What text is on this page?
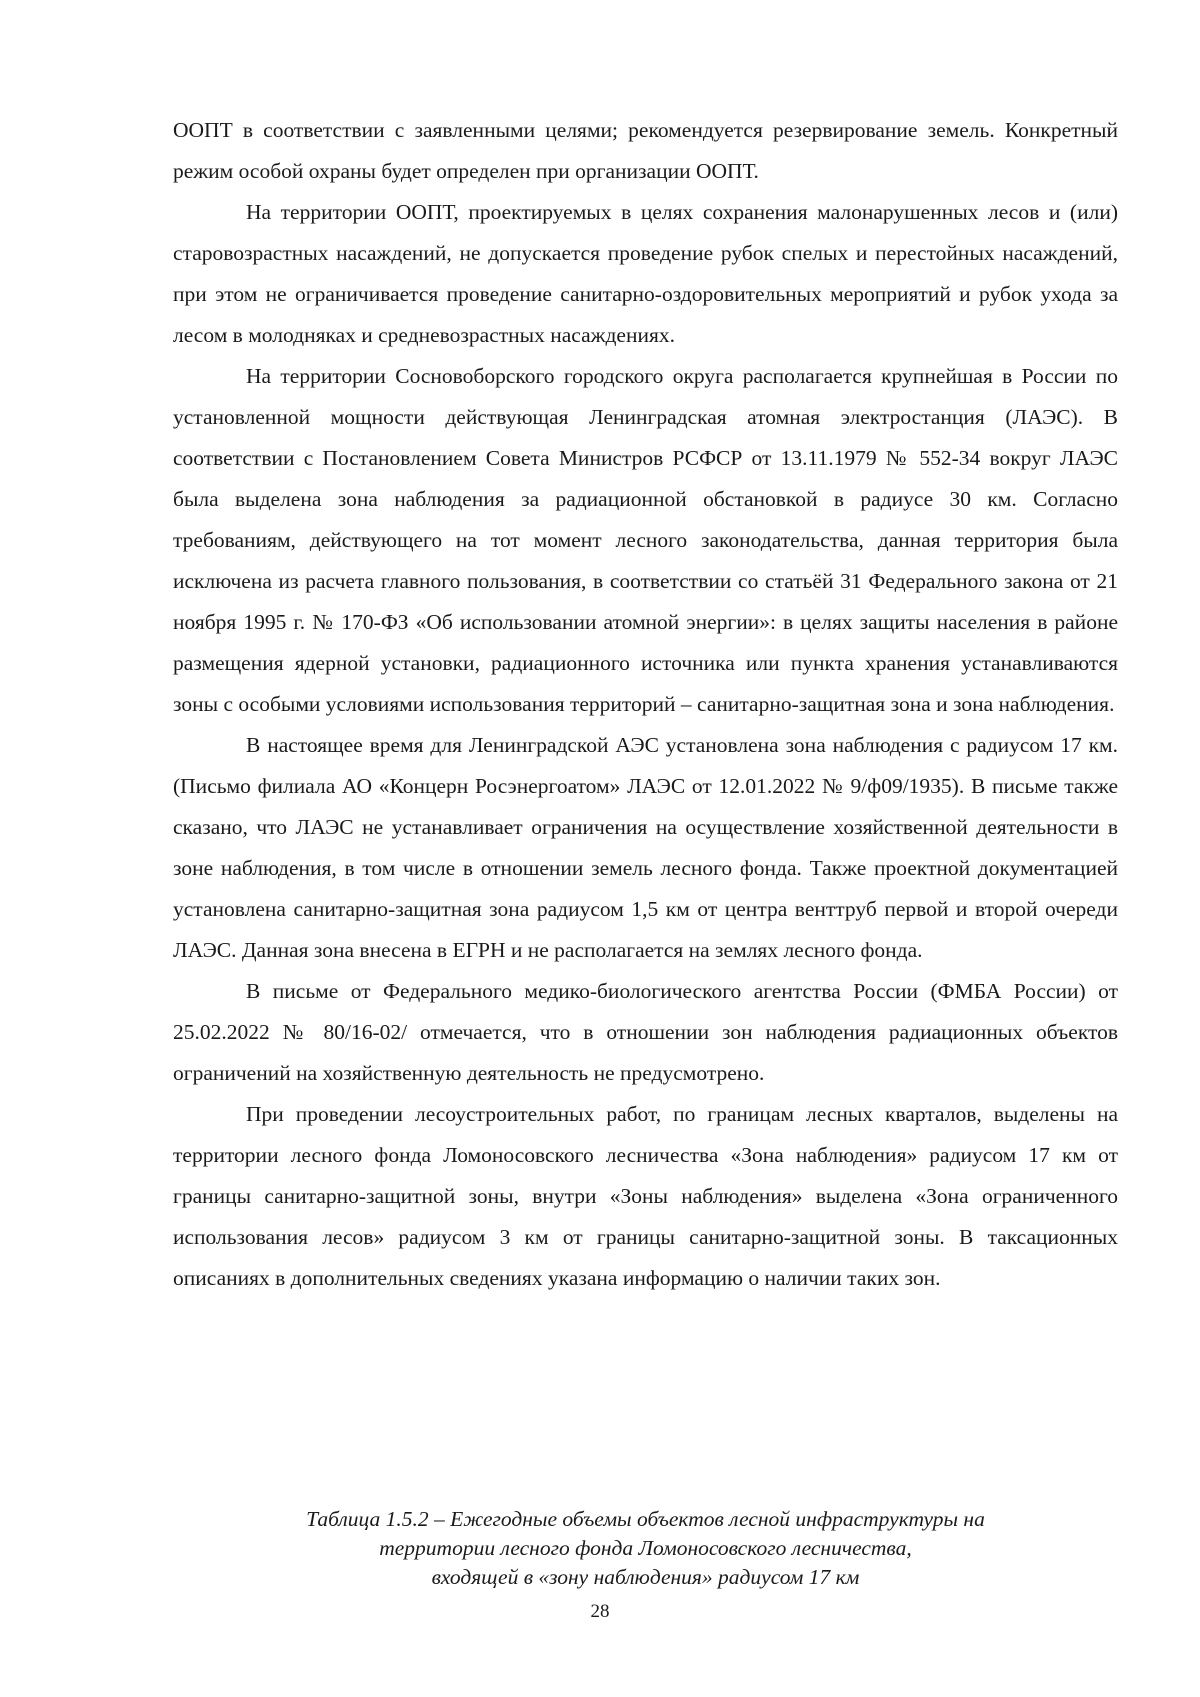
ООПТ в соответствии с заявленными целями; рекомендуется резервирование земель. Конкретный режим особой охраны будет определен при организации ООПТ.

На территории ООПТ, проектируемых в целях сохранения малонарушенных лесов и (или) старовозрастных насаждений, не допускается проведение рубок спелых и перестойных насаждений, при этом не ограничивается проведение санитарно-оздоровительных мероприятий и рубок ухода за лесом в молодняках и средневозрастных насаждениях.

На территории Сосновоборского городского округа располагается крупнейшая в России по установленной мощности действующая Ленинградская атомная электростанция (ЛАЭС). В соответствии с Постановлением Совета Министров РСФСР от 13.11.1979 № 552-34 вокруг ЛАЭС была выделена зона наблюдения за радиационной обстановкой в радиусе 30 км. Согласно требованиям, действующего на тот момент лесного законодательства, данная территория была исключена из расчета главного пользования, в соответствии со статьёй 31 Федерального закона от 21 ноября 1995 г. № 170-ФЗ «Об использовании атомной энергии»: в целях защиты населения в районе размещения ядерной установки, радиационного источника или пункта хранения устанавливаются зоны с особыми условиями использования территорий – санитарно-защитная зона и зона наблюдения.

В настоящее время для Ленинградской АЭС установлена зона наблюдения с радиусом 17 км. (Письмо филиала АО «Концерн Росэнергоатом» ЛАЭС от 12.01.2022 № 9/ф09/1935). В письме также сказано, что ЛАЭС не устанавливает ограничения на осуществление хозяйственной деятельности в зоне наблюдения, в том числе в отношении земель лесного фонда. Также проектной документацией установлена санитарно-защитная зона радиусом 1,5 км от центра венттруб первой и второй очереди ЛАЭС. Данная зона внесена в ЕГРН и не располагается на землях лесного фонда.

В письме от Федерального медико-биологического агентства России (ФМБА России) от 25.02.2022 № 80/16-02/ отмечается, что в отношении зон наблюдения радиационных объектов ограничений на хозяйственную деятельность не предусмотрено.

При проведении лесоустроительных работ, по границам лесных кварталов, выделены на территории лесного фонда Ломоносовского лесничества «Зона наблюдения» радиусом 17 км от границы санитарно-защитной зоны, внутри «Зоны наблюдения» выделена «Зона ограниченного использования лесов» радиусом 3 км от границы санитарно-защитной зоны. В таксационных описаниях в дополнительных сведениях указана информацию о наличии таких зон.

Таблица 1.5.2 – Ежегодные объемы объектов лесной инфраструктуры на
территории лесного фонда Ломоносовского лесничества,
входящей в «зону наблюдения» радиусом 17 км

28
